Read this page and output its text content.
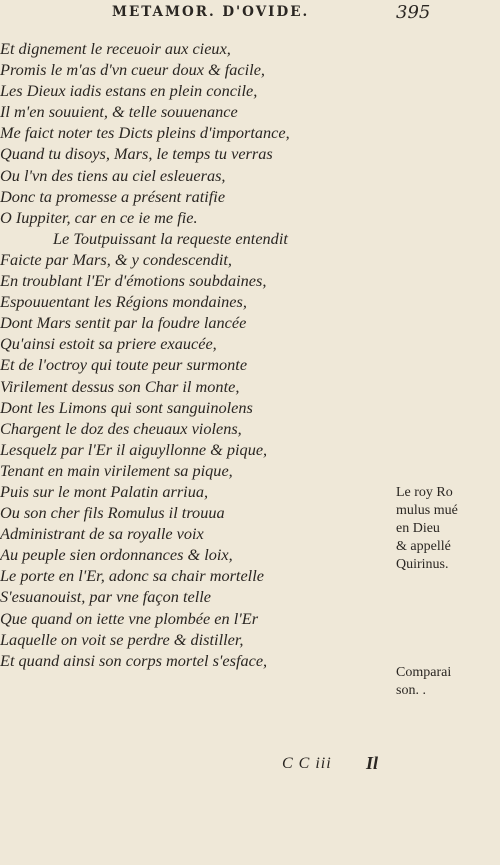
METAMOR. D'OVIDE.	395
Et dignement le receuoir aux cieux,
Promis le m'as d'vn cueur doux & facile,
Les Dieux iadis estans en plein concile,
Il m'en souuient, & telle souuenance
Me faict noter tes Dicts pleins d'importance,
Quand tu disoys, Mars, le temps tu verras
Ou l'vn des tiens au ciel esleueras,
Donc ta promesse a présent ratifie
O Iuppiter, car en ce ie me fie.
Le Toutpuissant la requeste entendit
Faicte par Mars, & y condescendit,
En troublant l'Er d'émotions soubdaines,
Espouuentant les Régions mondaines,
Dont Mars sentit par la foudre lancée
Qu'ainsi estoit sa priere exaucée,
Et de l'octroy qui toute peur surmonte
Virilement dessus son Char il monte,
Dont les Limons qui sont sanguinolens
Chargent le doz des cheuaux violens,
Lesquelz par l'Er il aiguyllonne & pique,
Tenant en main virilement sa pique,
Puis sur le mont Palatin arriua,
Ou son cher fils Romulus il trouua
Administrant de sa royalle voix
Au peuple sien ordonnances & loix,
Le porte en l'Er, adonc sa chair mortelle
S'esuanouist, par vne façon telle
Que quand on iette vne plombée en l'Er
Laquelle on voit se perdre & distiller,
Et quand ainsi son corps mortel s'esface,
Le roy Ro
mulus mué
en Dieu
& appellé
Quirinus.
Comparai
son. .
C C iii Il
